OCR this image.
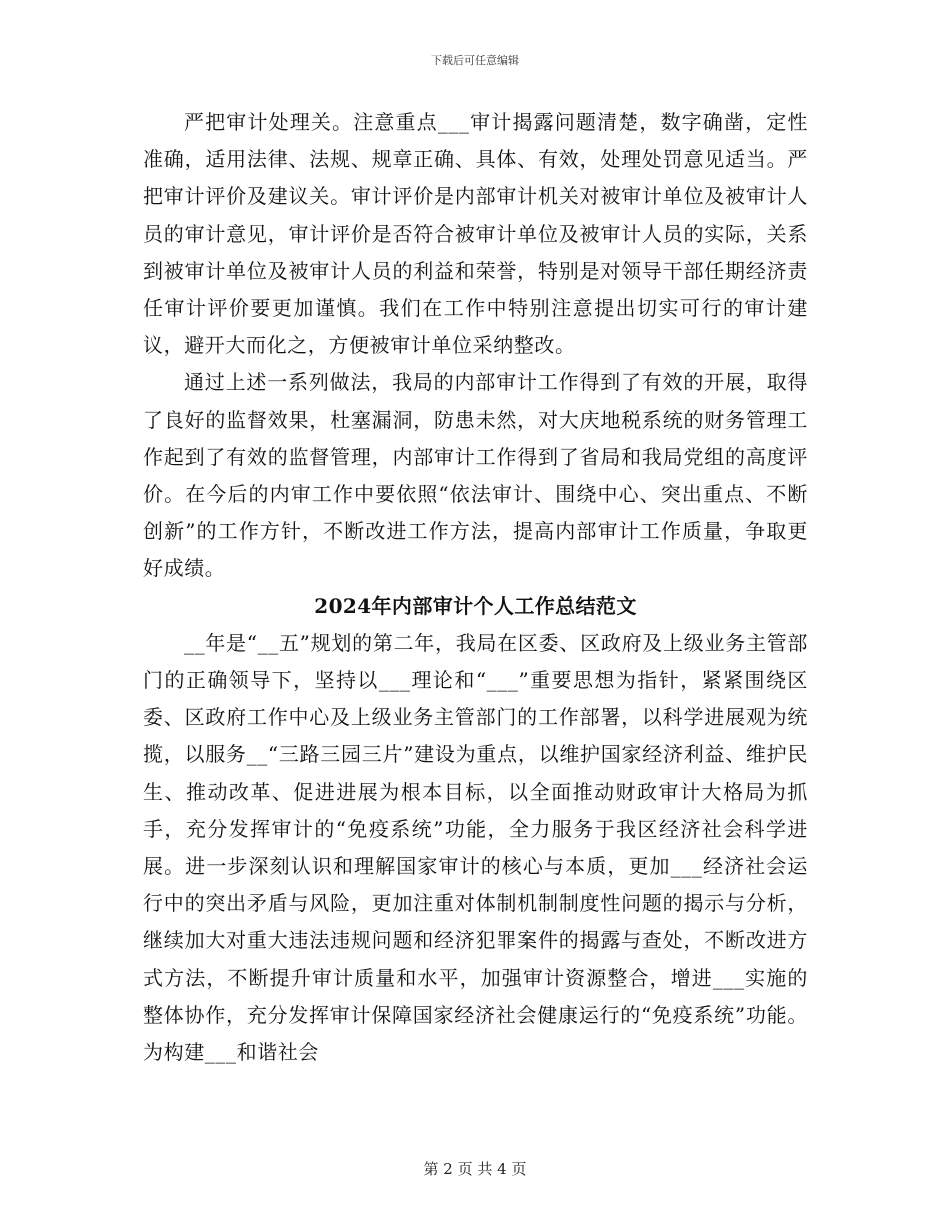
下载后可任意编辑

严把审计处理关。注意重点___审计揭露问题清楚，数字确凿，定性准确，适用法律、法规、规章正确、具体、有效，处理处罚意见适当。严把审计评价及建议关。审计评价是内部审计机关对被审计单位及被审计人员的审计意见，审计评价是否符合被审计单位及被审计人员的实际，关系到被审计单位及被审计人员的利益和荣誉，特别是对领导干部任期经济责任审计评价要更加谨慎。我们在工作中特别注意提出切实可行的审计建议，避开大而化之，方便被审计单位采纳整改。

通过上述一系列做法，我局的内部审计工作得到了有效的开展，取得了良好的监督效果，杜塞漏洞，防患未然，对大庆地税系统的财务管理工作起到了有效的监督管理，内部审计工作得到了省局和我局党组的高度评价。在今后的内审工作中要依照“依法审计、围绕中心、突出重点、不断创新”的工作方针，不断改进工作方法，提高内部审计工作质量，争取更好成绩。

2024年内部审计个人工作总结范文

__年是“__五”规划的第二年，我局在区委、区政府及上级业务主管部门的正确领导下，坚持以___理论和“___”重要思想为指针，紧紧围绕区委、区政府工作中心及上级业务主管部门的工作部署，以科学进展观为统揽，以服务__“三路三园三片”建设为重点，以维护国家经济利益、维护民生、推动改革、促进进展为根本目标，以全面推动财政审计大格局为抓手，充分发挥审计的“免疫系统”功能，全力服务于我区经济社会科学进展。进一步深刻认识和理解国家审计的核心与本质，更加___经济社会运行中的突出矛盾与风险，更加注重对体制机制制度性问题的揭示与分析，继续加大对重大违法违规问题和经济犯罪案件的揭露与查处，不断改进方式方法，不断提升审计质量和水平，加强审计资源整合，增进___实施的整体协作，充分发挥审计保障国家经济社会健康运行的“免疫系统”功能。为构建___和谐社会

第 2 页 共 4 页
